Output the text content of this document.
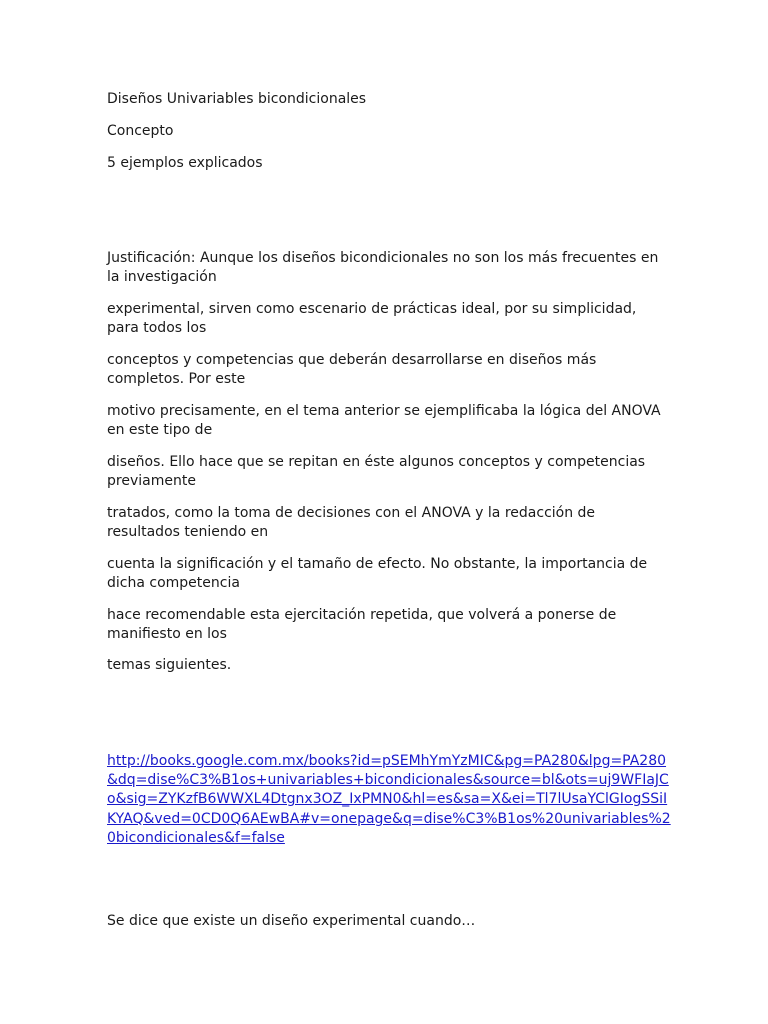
Diseños Univariables bicondicionales

Concepto

5 ejemplos explicados

Justificación: Aunque los diseños bicondicionales no son los más frecuentes en la investigación

experimental, sirven como escenario de prácticas ideal, por su simplicidad, para todos los

conceptos y competencias que deberán desarrollarse en diseños más completos. Por este

motivo precisamente, en el tema anterior se ejemplificaba la lógica del ANOVA en este tipo de

diseños. Ello hace que se repitan en éste algunos conceptos y competencias previamente

tratados, como la toma de decisiones con el ANOVA y la redacción de resultados teniendo en

cuenta la significación y el tamaño de efecto. No obstante, la importancia de dicha competencia

hace recomendable esta ejercitación repetida, que volverá a ponerse de manifiesto en los

temas siguientes.

http://books.google.com.mx/books?id=pSEMhYmYzMIC&pg=PA280&lpg=PA280&dq=dise%C3%B1os+univariables+bicondicionales&source=bl&ots=uj9WFIaJCo&sig=ZYKzfB6WWXL4Dtgnx3OZ_IxPMN0&hl=es&sa=X&ei=Tl7lUsaYClGIogSSiIKYAQ&ved=0CD0Q6AEwBA#v=onepage&q=dise%C3%B1os%20univariables%20bicondicionales&f=false

Se dice que existe un diseño experimental cuando…
